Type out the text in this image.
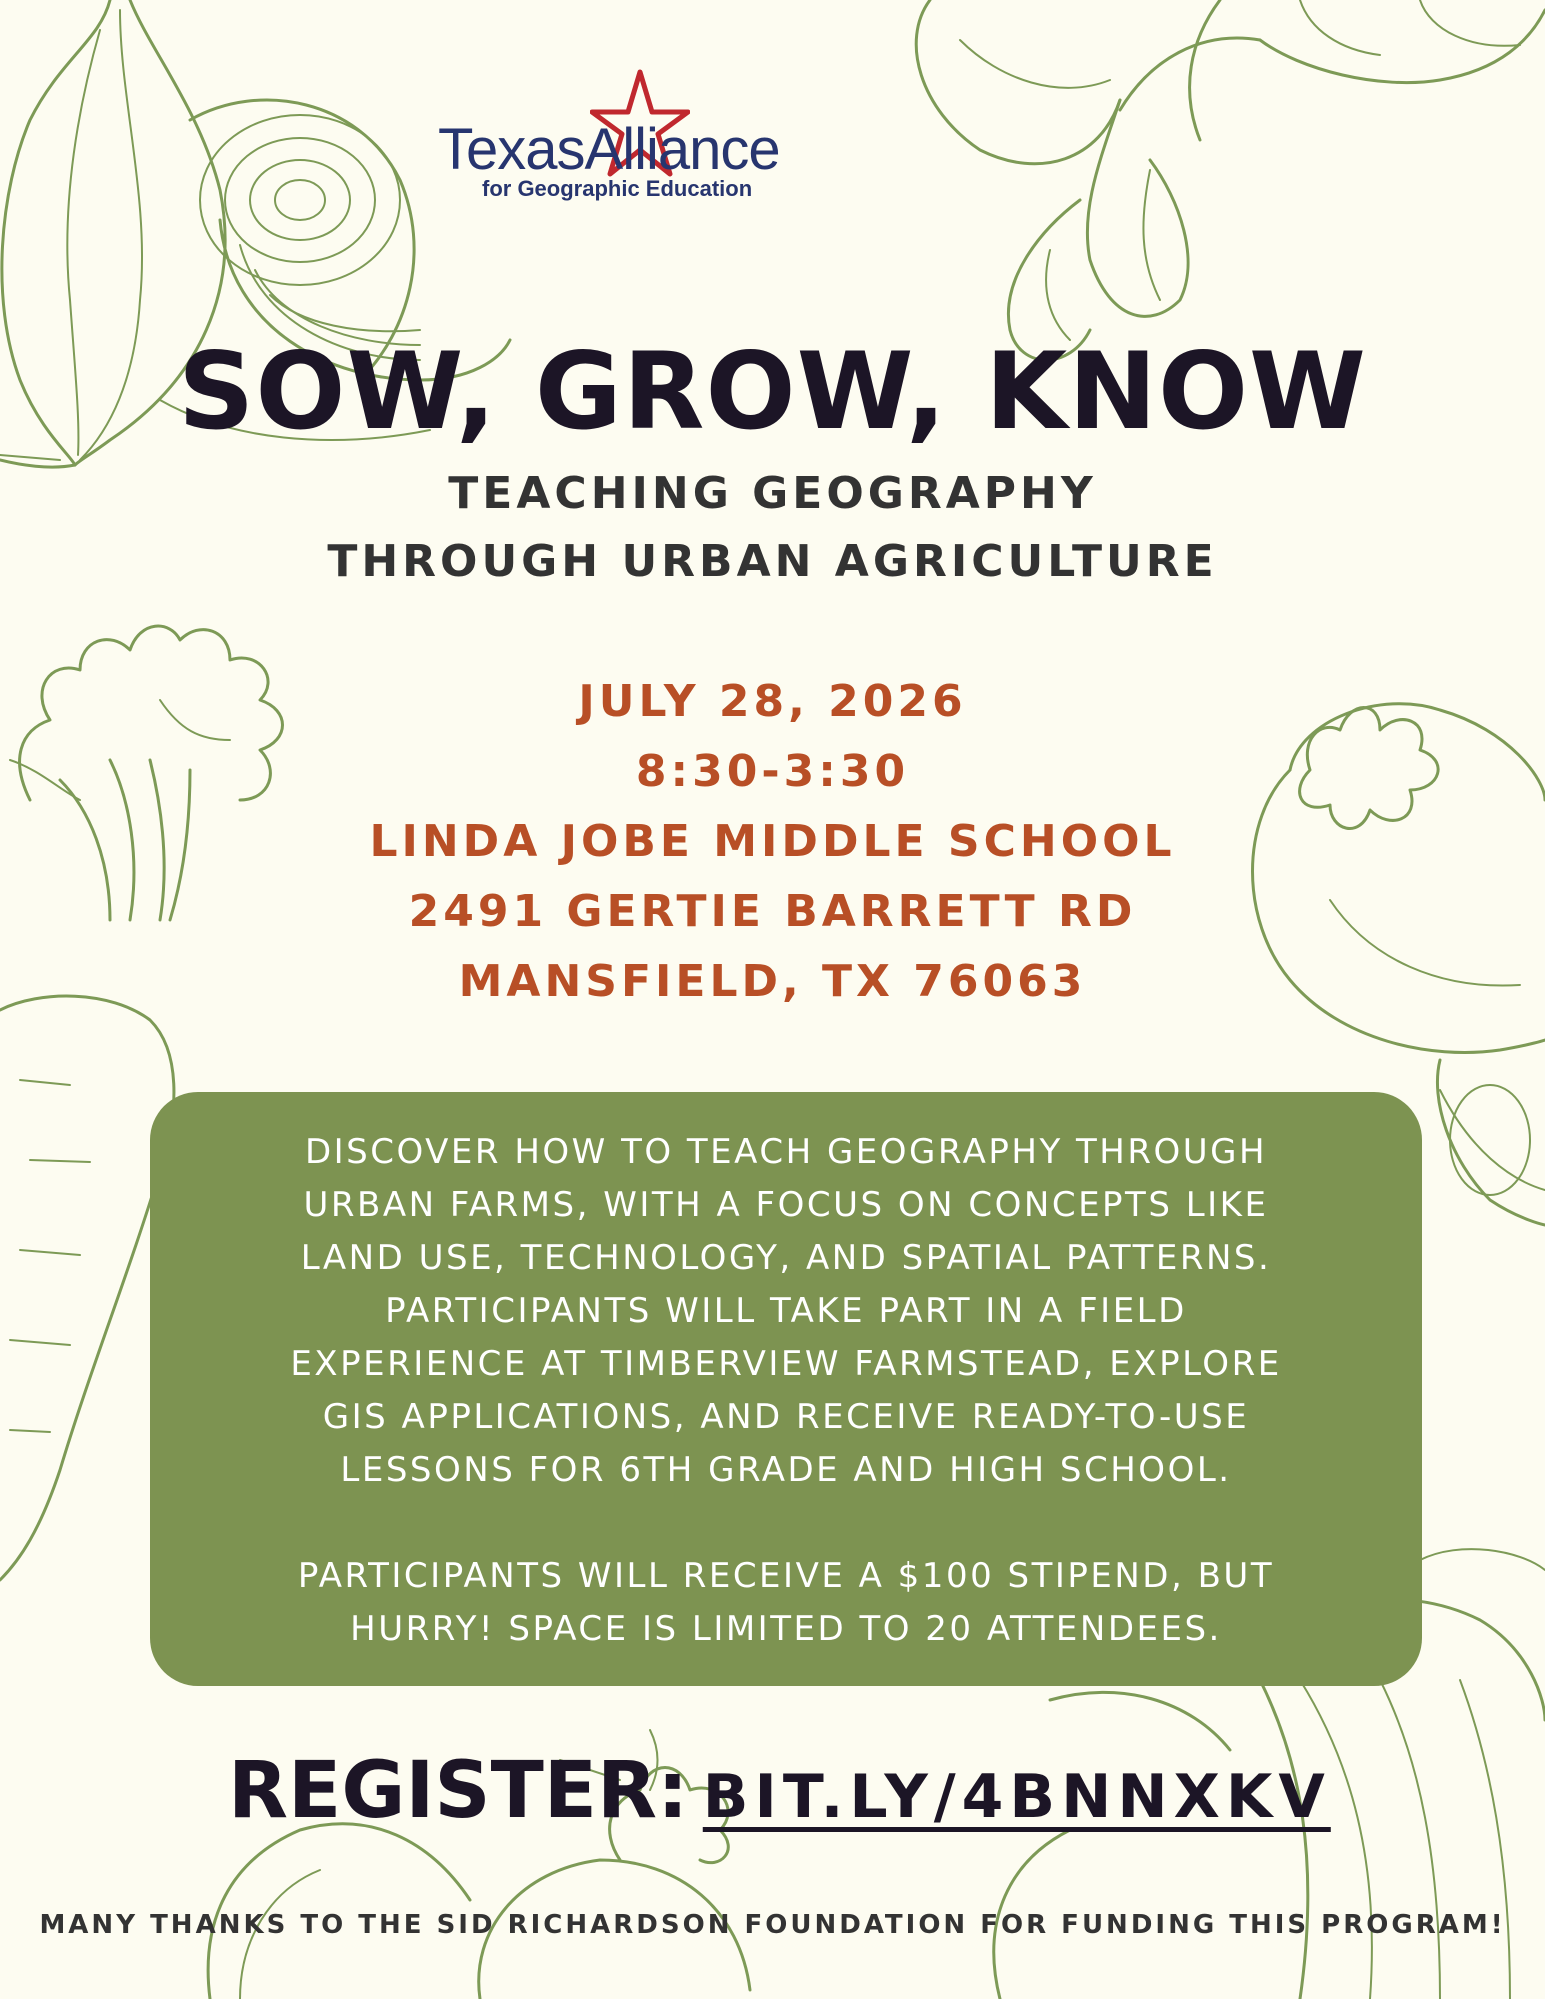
TexasAlliance
for Geographic Education
SOW, GROW, KNOW
TEACHING GEOGRAPHY
THROUGH URBAN AGRICULTURE
JULY 28, 2026
8:30-3:30
LINDA JOBE MIDDLE SCHOOL
2491 GERTIE BARRETT RD
MANSFIELD, TX 76063
DISCOVER HOW TO TEACH GEOGRAPHY THROUGH
URBAN FARMS, WITH A FOCUS ON CONCEPTS LIKE
LAND USE, TECHNOLOGY, AND SPATIAL PATTERNS.
PARTICIPANTS WILL TAKE PART IN A FIELD
EXPERIENCE AT TIMBERVIEW FARMSTEAD, EXPLORE
GIS APPLICATIONS, AND RECEIVE READY-TO-USE
LESSONS FOR 6TH GRADE AND HIGH SCHOOL.
PARTICIPANTS WILL RECEIVE A $100 STIPEND, BUT
HURRY! SPACE IS LIMITED TO 20 ATTENDEES.
REGISTER: BIT.LY/4BNNXKV
MANY THANKS TO THE SID RICHARDSON FOUNDATION FOR FUNDING THIS PROGRAM!
